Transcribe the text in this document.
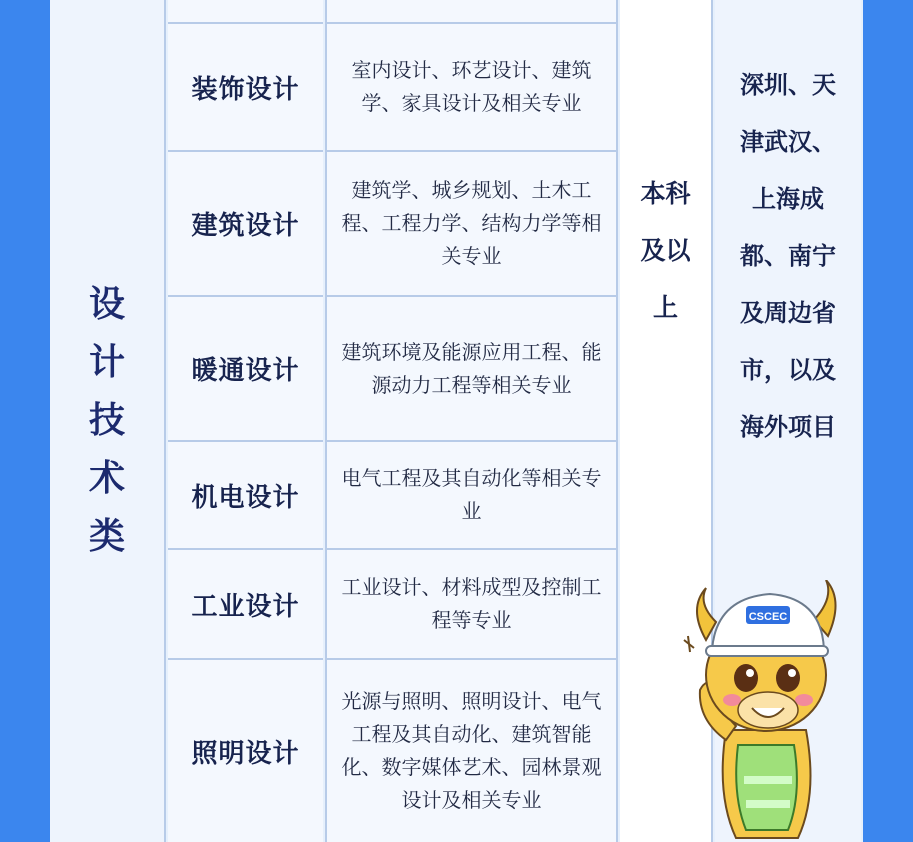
设计技术类
装饰设计
室内设计、环艺设计、建筑学、家具设计及相关专业
建筑设计
建筑学、城乡规划、土木工程、工程力学、结构力学等相关专业
暖通设计
建筑环境及能源应用工程、能源动力工程等相关专业
机电设计
电气工程及其自动化等相关专业
工业设计
工业设计、材料成型及控制工程等专业
照明设计
光源与照明、照明设计、电气工程及其自动化、建筑智能化、数字媒体艺术、园林景观设计及相关专业
本科及以上
深圳、天津武汉、上海成都、南宁及周边省市，以及海外项目
CSCEC
